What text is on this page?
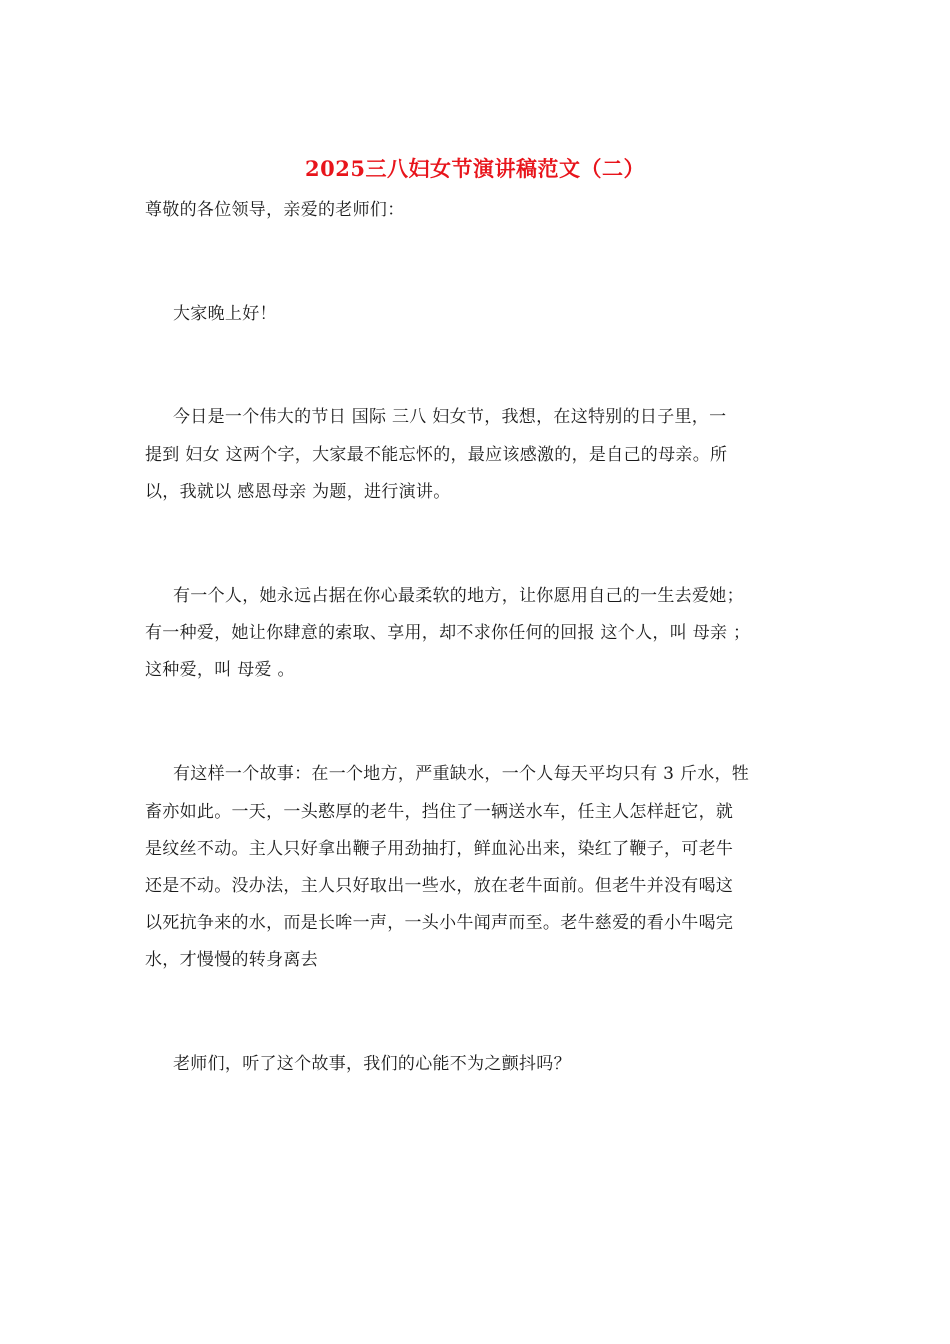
2025三八妇女节演讲稿范文（二）
尊敬的各位领导，亲爱的老师们：
大家晚上好！
今日是一个伟大的节日 国际 三八 妇女节，我想，在这特别的日子里，一
提到 妇女 这两个字，大家最不能忘怀的，最应该感激的，是自己的母亲。所
以，我就以 感恩母亲 为题，进行演讲。
有一个人，她永远占据在你心最柔软的地方，让你愿用自己的一生去爱她；
有一种爱，她让你肆意的索取、享用，却不求你任何的回报 这个人，叫 母亲 ；
这种爱，叫 母爱 。
有这样一个故事：在一个地方，严重缺水，一个人每天平均只有 3 斤水，牲
畜亦如此。一天，一头憨厚的老牛，挡住了一辆送水车，任主人怎样赶它，就
是纹丝不动。主人只好拿出鞭子用劲抽打，鲜血沁出来，染红了鞭子，可老牛
还是不动。没办法，主人只好取出一些水，放在老牛面前。但老牛并没有喝这
以死抗争来的水，而是长哞一声，一头小牛闻声而至。老牛慈爱的看小牛喝完
水，才慢慢的转身离去
老师们，听了这个故事，我们的心能不为之颤抖吗？
